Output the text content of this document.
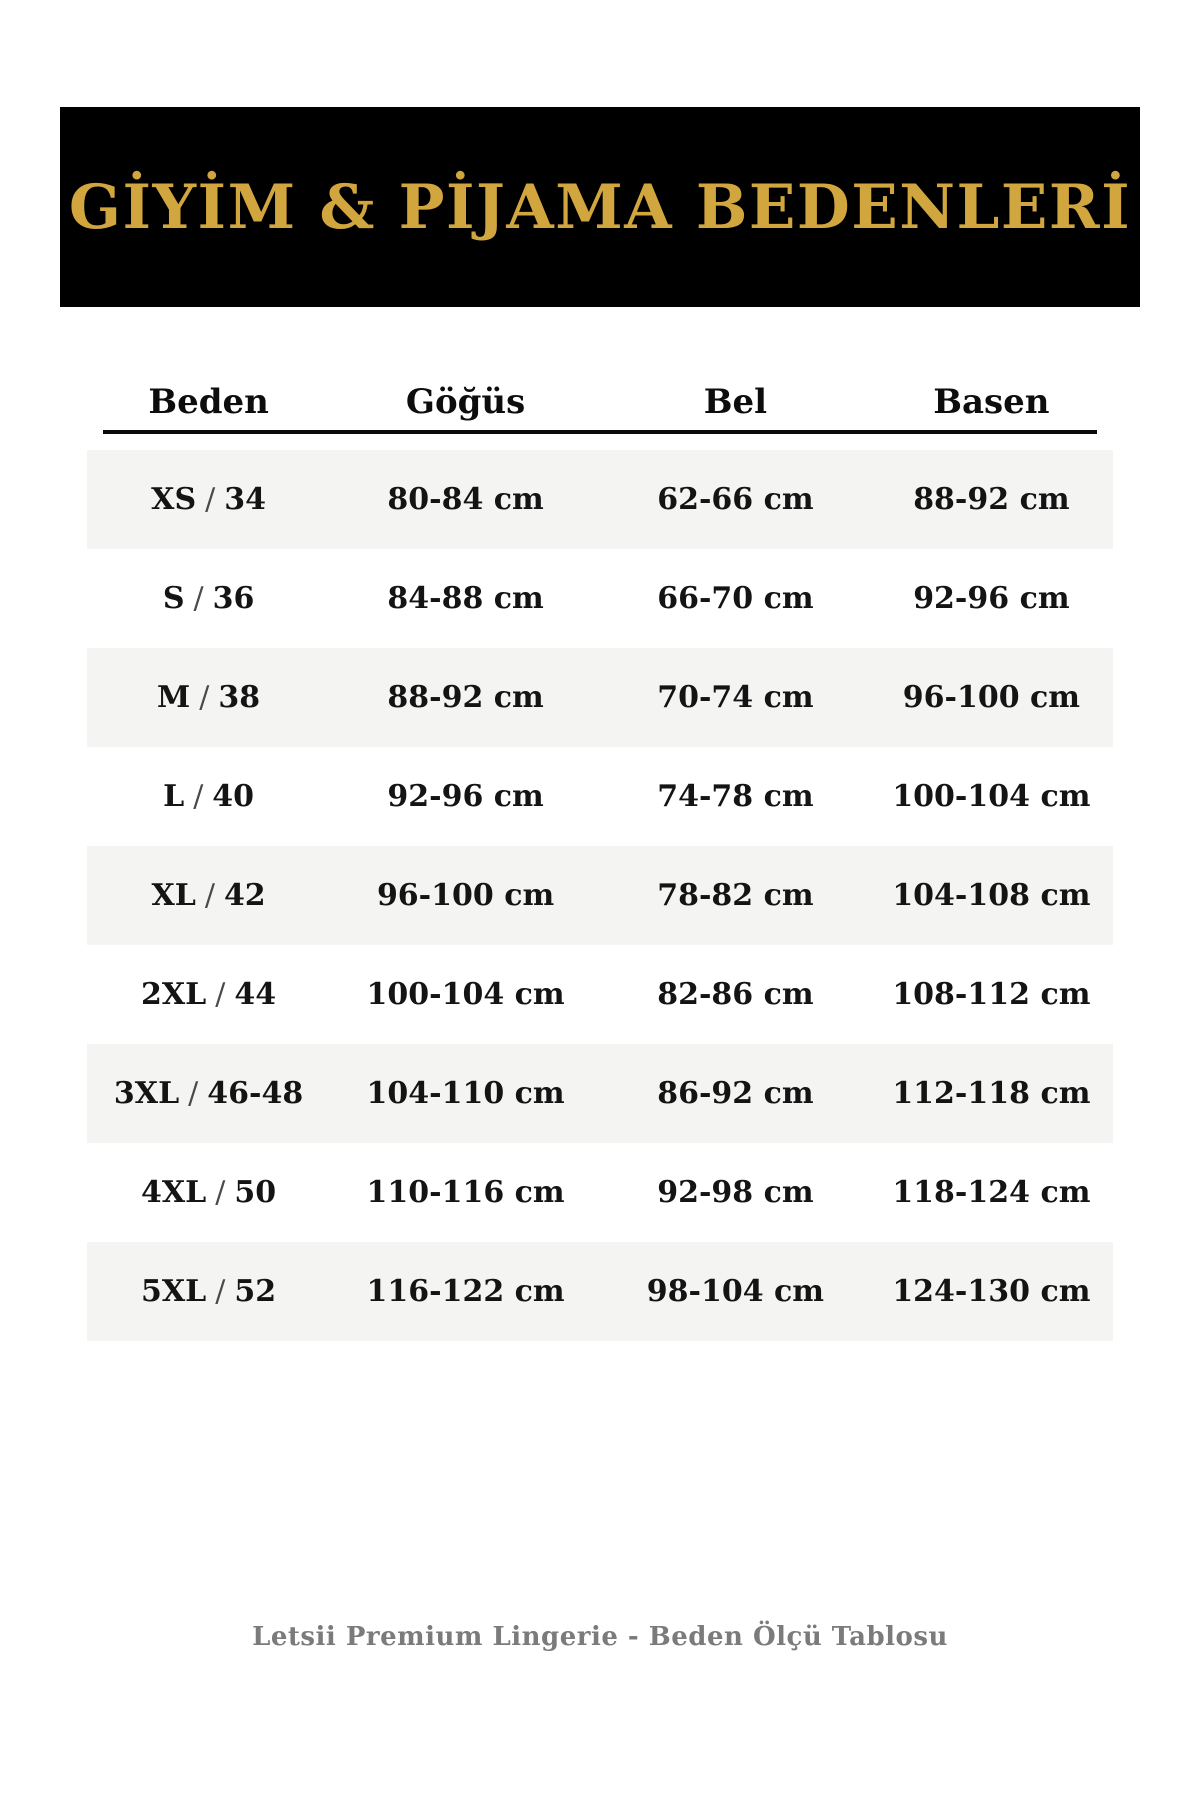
GİYİM & PİJAMA BEDENLERİ
Beden	Göğüs	Bel	Basen
XS / 34	80-84 cm	62-66 cm	88-92 cm
S / 36	84-88 cm	66-70 cm	92-96 cm
M / 38	88-92 cm	70-74 cm	96-100 cm
L / 40	92-96 cm	74-78 cm	100-104 cm
XL / 42	96-100 cm	78-82 cm	104-108 cm
2XL / 44	100-104 cm	82-86 cm	108-112 cm
3XL / 46-48	104-110 cm	86-92 cm	112-118 cm
4XL / 50	110-116 cm	92-98 cm	118-124 cm
5XL / 52	116-122 cm	98-104 cm	124-130 cm
Letsii Premium Lingerie - Beden Ölçü Tablosu
